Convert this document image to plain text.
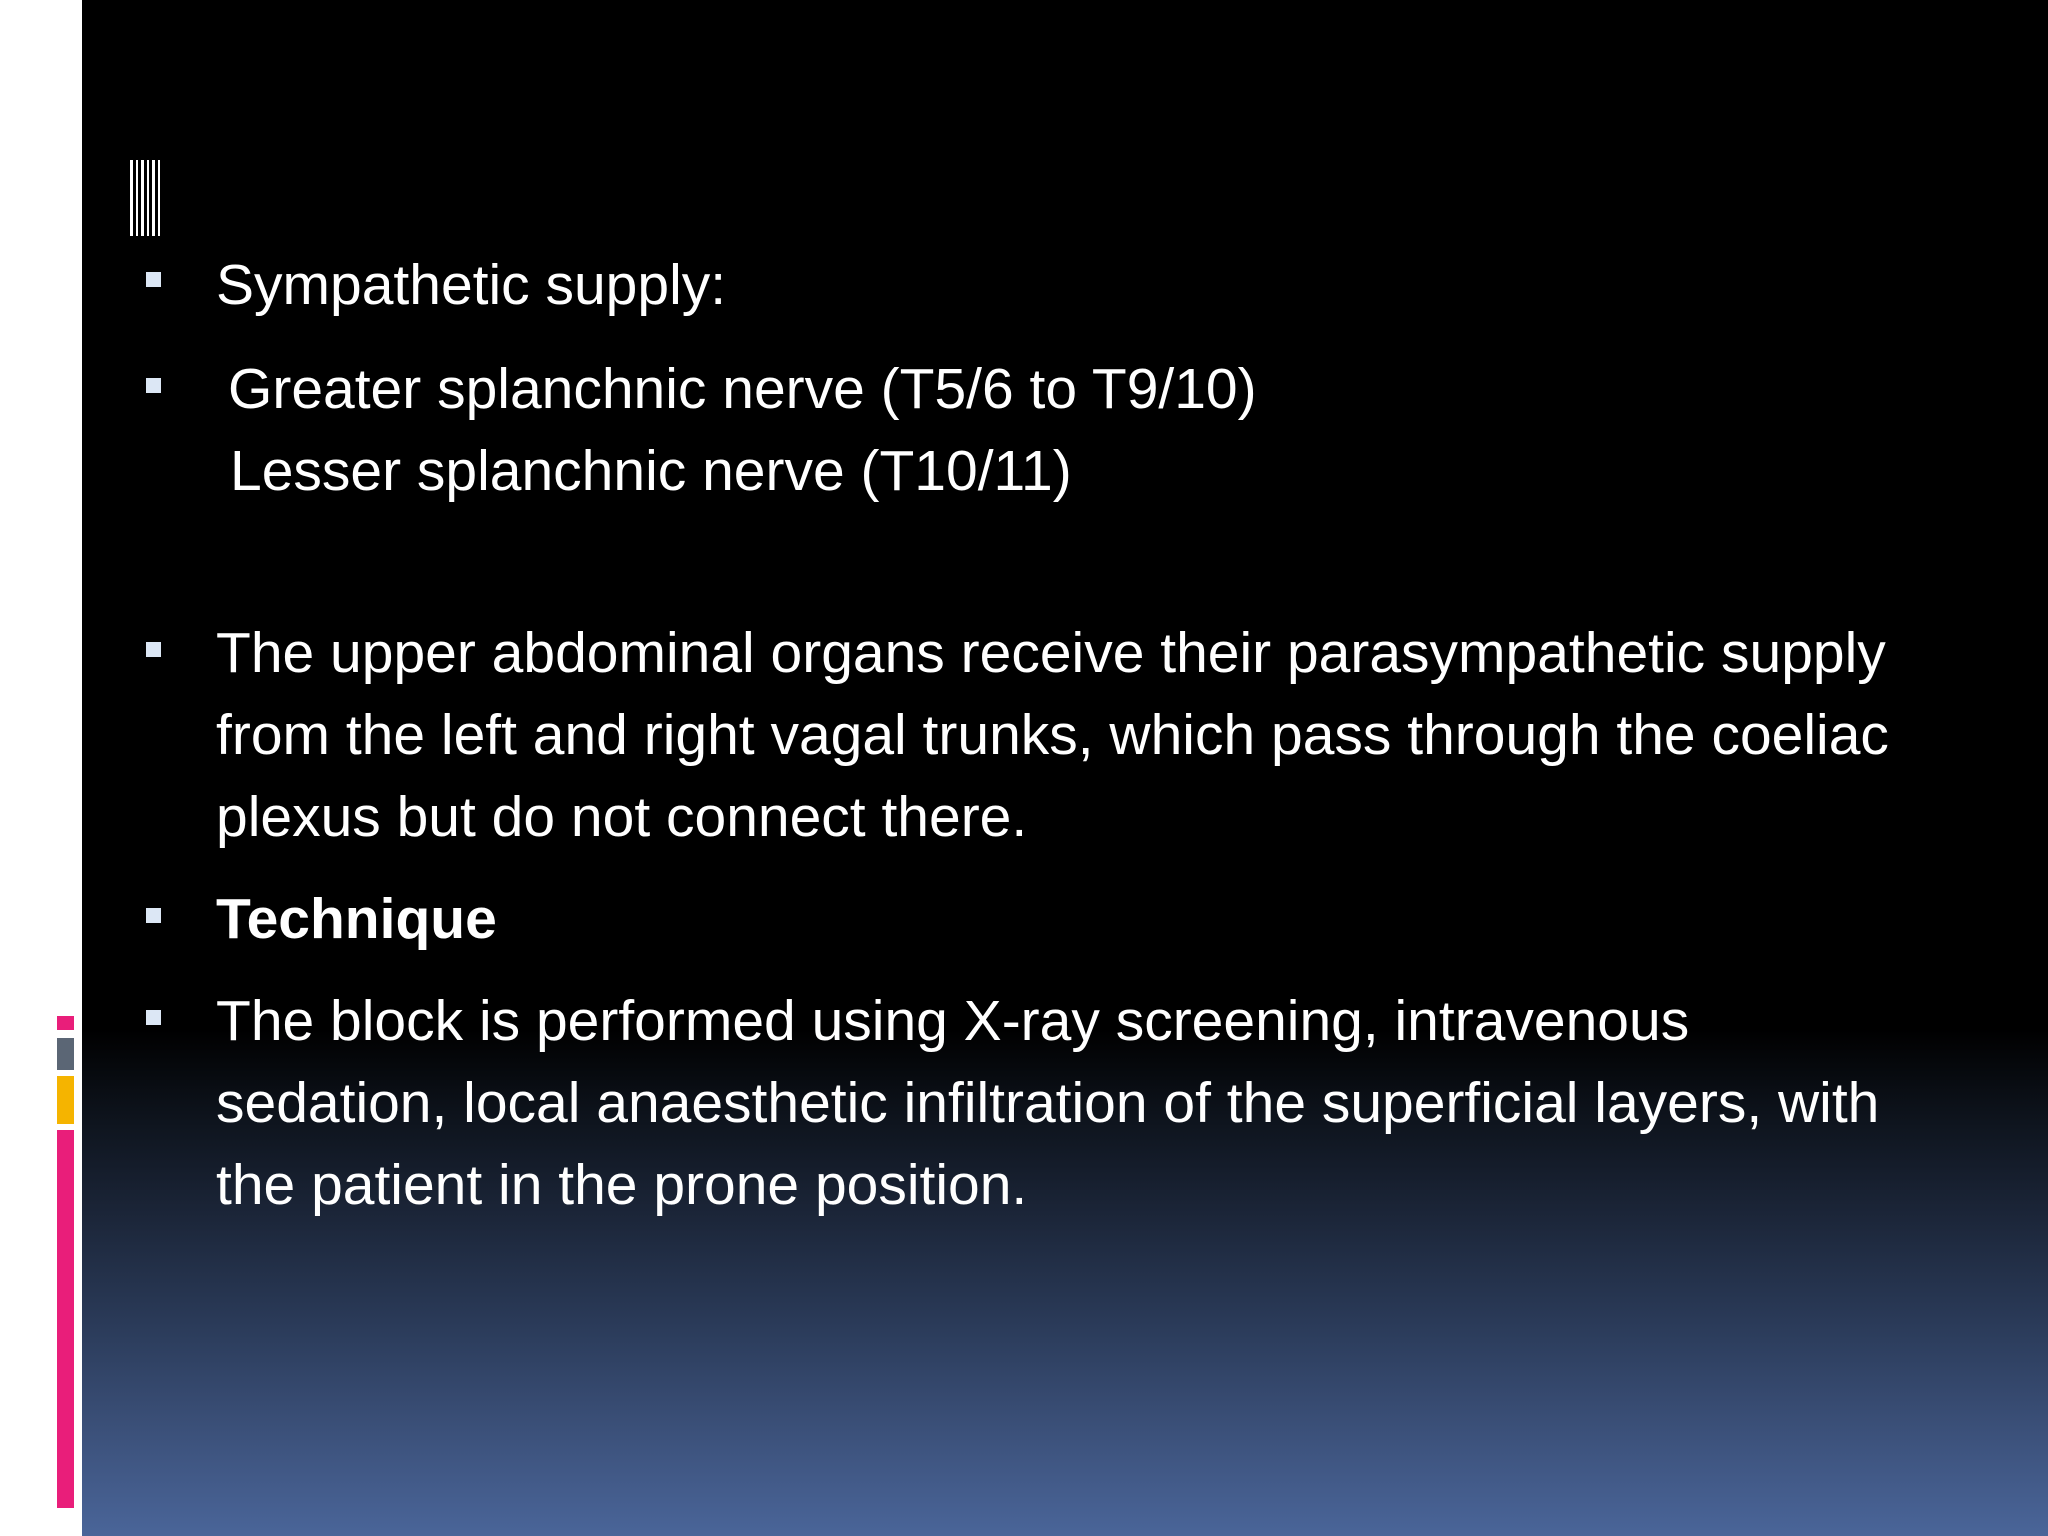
Sympathetic supply:
Greater splanchnic nerve (T5/6 to T9/10)
Lesser splanchnic nerve (T10/11)
The upper abdominal organs receive their parasympathetic supply from the left and right vagal trunks, which pass through the coeliac plexus but do not connect there.
Technique
The block is performed using X-ray screening, intravenous sedation, local anaesthetic infiltration of the superficial layers, with the patient in the prone position.
